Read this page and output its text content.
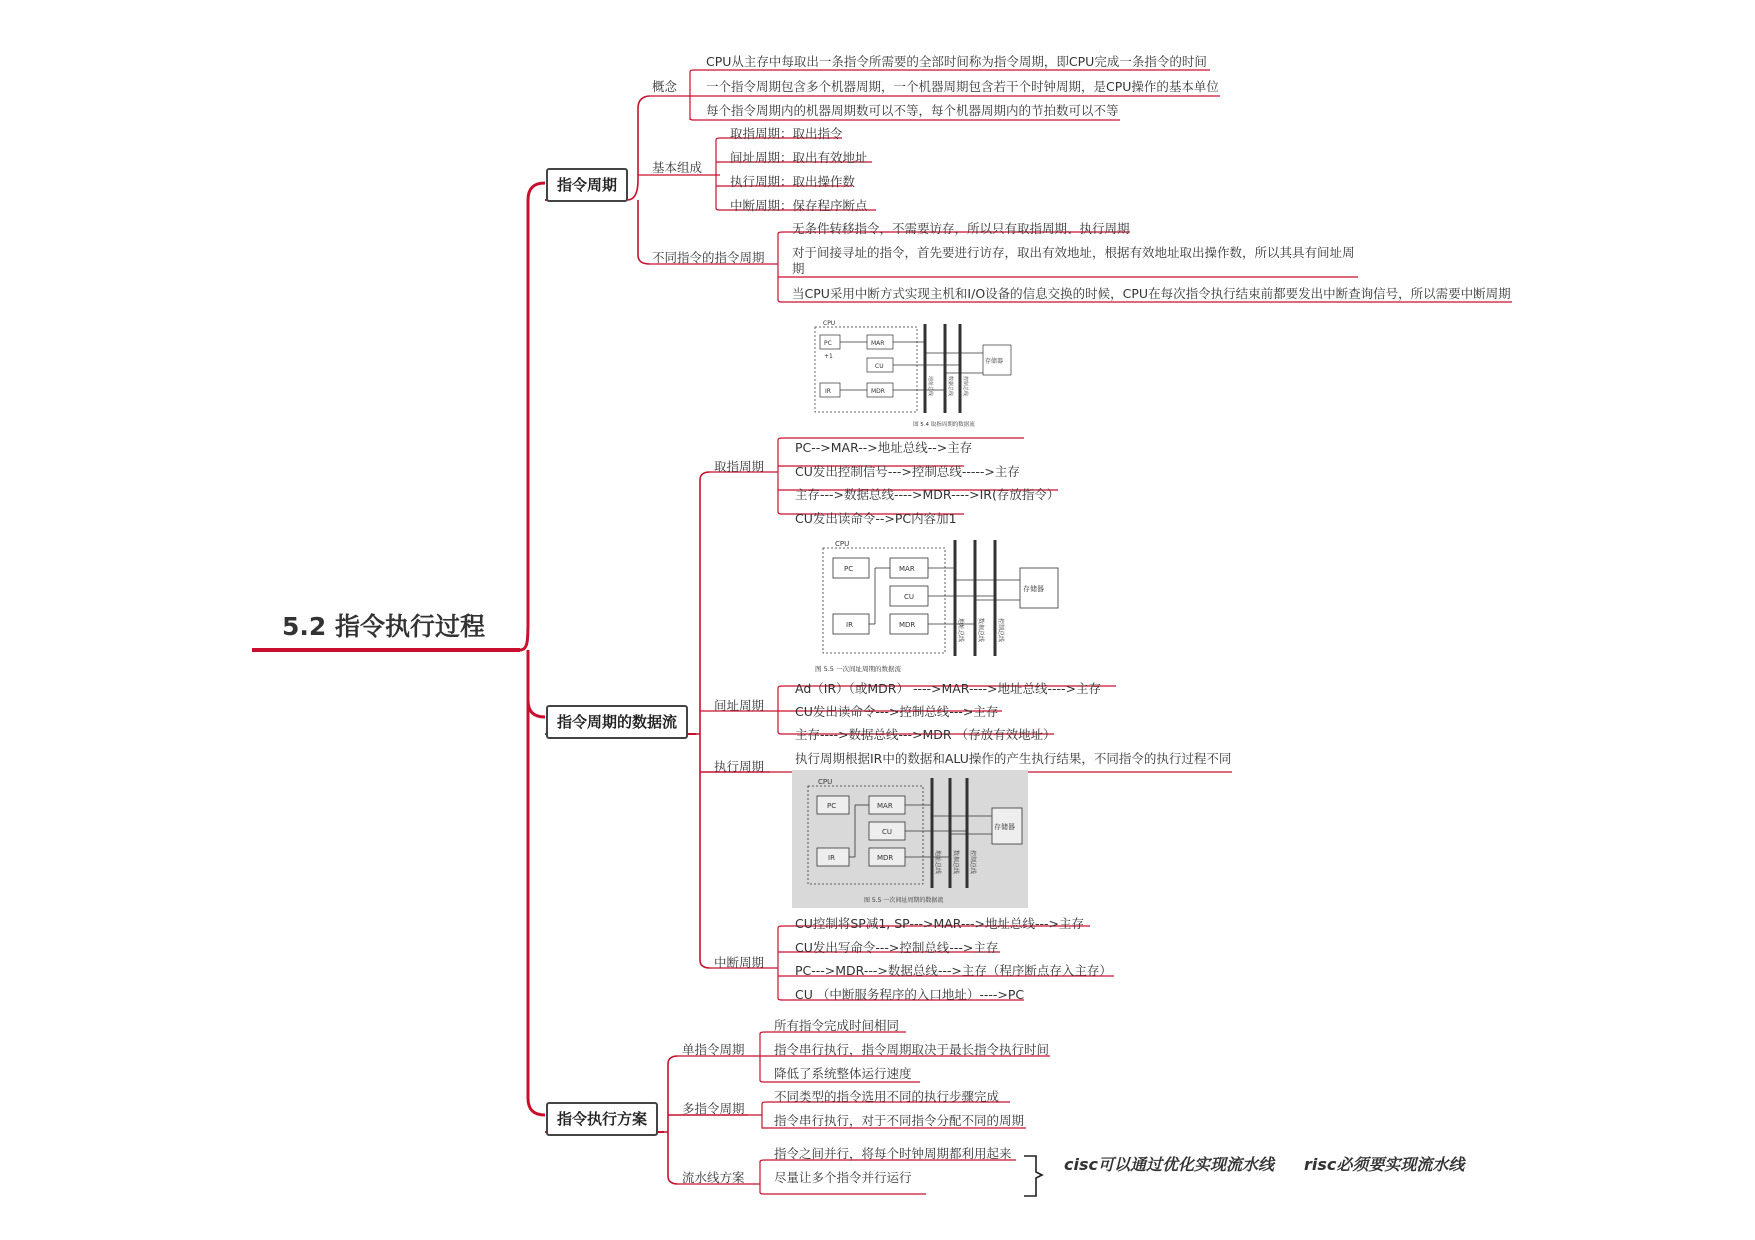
5.2 指令执行过程
指令周期
指令周期的数据流
指令执行方案
概念
基本组成
不同指令的指令周期
CPU从主存中每取出一条指令所需要的全部时间称为指令周期，即CPU完成一条指令的时间
一个指令周期包含多个机器周期，一个机器周期包含若干个时钟周期，是CPU操作的基本单位
每个指令周期内的机器周期数可以不等，每个机器周期内的节拍数可以不等
取指周期：取出指令
间址周期：取出有效地址
执行周期：取出操作数
中断周期：保存程序断点
无条件转移指令，不需要访存，所以只有取指周期、执行周期
对于间接寻址的指令，首先要进行访存，取出有效地址，根据有效地址取出操作数，所以其具有间址周期
当CPU采用中断方式实现主机和I/O设备的信息交换的时候，CPU在每次指令执行结束前都要发出中断查询信号，所以需要中断周期
CPU
PC	MAR
CU
IR	MDR
+1
存储器
图 5.4 取指周期的数据流
地址总线	数据总线 控制总线
取指周期
间址周期
执行周期
中断周期
PC-->MAR-->地址总线-->主存
CU发出控制信号--->控制总线----->主存
主存--->数据总线---->MDR---->IR(存放指令）
CU发出读命令-->PC内容加1
CPU
PC	MAR
CU
IR	MDR
存储器
图 5.5 一次间址周期的数据流
地址总线 数据总线 控制总线
Ad（IR）（或MDR） ---->MAR---->地址总线---->主存
CU发出读命令--->控制总线--->主存
主存---->数据总线--->MDR （存放有效地址）
执行周期根据IR中的数据和ALU操作的产生执行结果，不同指令的执行过程不同
CPU
PC	MAR
CU
IR	MDR
存储器
图 5.5 一次间址周期的数据流
地址总线 数据总线 控制总线
CU控制将SP减1, SP--->MAR--->地址总线--->主存
CU发出写命令--->控制总线--->主存
PC--->MDR--->数据总线--->主存（程序断点存入主存）
CU （中断服务程序的入口地址）---->PC
单指令周期
多指令周期
流水线方案
所有指令完成时间相同
指令串行执行，指令周期取决于最长指令执行时间
降低了系统整体运行速度
不同类型的指令选用不同的执行步骤完成
指令串行执行，对于不同指令分配不同的周期
指令之间并行，将每个时钟周期都利用起来
尽量让多个指令并行运行
cisc可以通过优化实现流水线 risc必须要实现流水线
